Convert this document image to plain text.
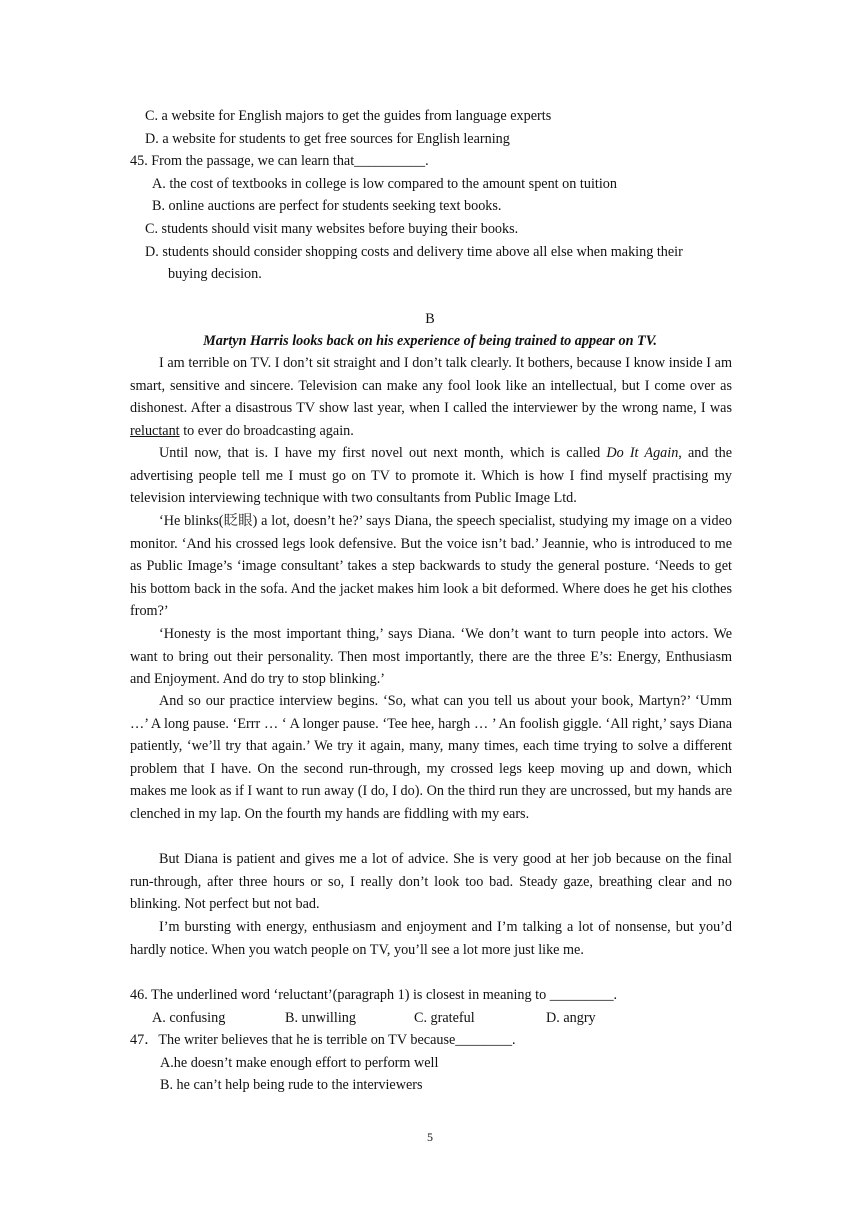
C. a website for English majors to get the guides from language experts
D. a website for students to get free sources for English learning
45. From the passage, we can learn that__________.
A. the cost of textbooks in college is low compared to the amount spent on tuition
B. online auctions are perfect for students seeking text books.
C. students should visit many websites before buying their books.
D. students should consider shopping costs and delivery time above all else when making their
buying decision.
B
Martyn Harris looks back on his experience of being trained to appear on TV.
I am terrible on TV. I don’t sit straight and I don’t talk clearly. It bothers, because I know inside I am smart, sensitive and sincere. Television can make any fool look like an intellectual, but I come over as dishonest. After a disastrous TV show last year, when I called the interviewer by the wrong name, I was reluctant to ever do broadcasting again.
Until now, that is. I have my first novel out next month, which is called Do It Again, and the advertising people tell me I must go on TV to promote it. Which is how I find myself practising my television interviewing technique with two consultants from Public Image Ltd.
‘He blinks(眨眼) a lot, doesn’t he?’ says Diana, the speech specialist, studying my image on a video monitor. ‘And his crossed legs look defensive. But the voice isn’t bad.’ Jeannie, who is introduced to me as Public Image’s ‘image consultant’ takes a step backwards to study the general posture. ‘Needs to get his bottom back in the sofa. And the jacket makes him look a bit deformed. Where does he get his clothes from?’
‘Honesty is the most important thing,’ says Diana. ‘We don’t want to turn people into actors. We want to bring out their personality. Then most importantly, there are the three E’s: Energy, Enthusiasm and Enjoyment. And do try to stop blinking.’
And so our practice interview begins. ‘So, what can you tell us about your book, Martyn?’ ‘Umm …’ A long pause. ‘Errr … ‘ A longer pause. ‘Tee hee, hargh … ’ An foolish giggle. ‘All right,’ says Diana patiently, ‘we’ll try that again.’ We try it again, many, many times, each time trying to solve a different problem that I have. On the second run-through, my crossed legs keep moving up and down, which makes me look as if I want to run away (I do, I do). On the third run they are uncrossed, but my hands are clenched in my lap. On the fourth my hands are fiddling with my ears.
But Diana is patient and gives me a lot of advice. She is very good at her job because on the final run-through, after three hours or so, I really don’t look too bad. Steady gaze, breathing clear and no blinking. Not perfect but not bad.
I’m bursting with energy, enthusiasm and enjoyment and I’m talking a lot of nonsense, but you’d hardly notice. When you watch people on TV, you’ll see a lot more just like me.
46. The underlined word ‘reluctant’(paragraph 1) is closest in meaning to _________.
A. confusing	B. unwilling	C. grateful	D. angry
47．The writer believes that he is terrible on TV because________.
A.he doesn’t make enough effort to perform well
B. he can’t help being rude to the interviewers
5
